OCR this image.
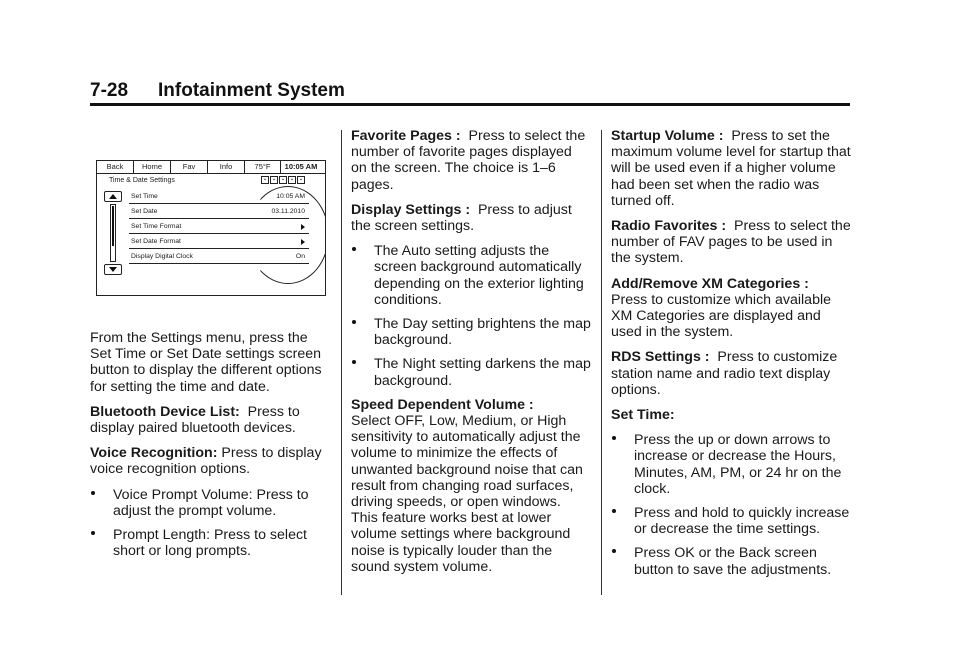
7-28 Infotainment System
Back	Home	Fav	Info	75°F	10:05 AM
Time & Date Settings	▪	▪	▪	▪	▪
Set Time	10:05 AM
Set Date	03.11.2010
Set Time Format
Set Date Format
Display Digital Clock	On

From the Settings menu, press the Set Time or Set Date settings screen button to display the different options for setting the time and date.

Bluetooth Device List: Press to display paired bluetooth devices.

Voice Recognition: Press to display voice recognition options.

Voice Prompt Volume: Press to adjust the prompt volume.
Prompt Length: Press to select short or long prompts.

Favorite Pages : Press to select the number of favorite pages displayed on the screen. The choice is 1–6 pages.

Display Settings : Press to adjust the screen settings.

The Auto setting adjusts the screen background automatically depending on the exterior lighting conditions.
The Day setting brightens the map background.
The Night setting darkens the map background.

Speed Dependent Volume :
Select OFF, Low, Medium, or High sensitivity to automatically adjust the volume to minimize the effects of unwanted background noise that can result from changing road surfaces, driving speeds, or open windows. This feature works best at lower volume settings where background noise is typically louder than the sound system volume.

Startup Volume : Press to set the maximum volume level for startup that will be used even if a higher volume had been set when the radio was turned off.

Radio Favorites : Press to select the number of FAV pages to be used in the system.

Add/Remove XM Categories :
Press to customize which available XM Categories are displayed and used in the system.

RDS Settings : Press to customize station name and radio text display options.

Set Time:

Press the up or down arrows to increase or decrease the Hours, Minutes, AM, PM, or 24 hr on the clock.
Press and hold to quickly increase or decrease the time settings.
Press OK or the Back screen button to save the adjustments.
